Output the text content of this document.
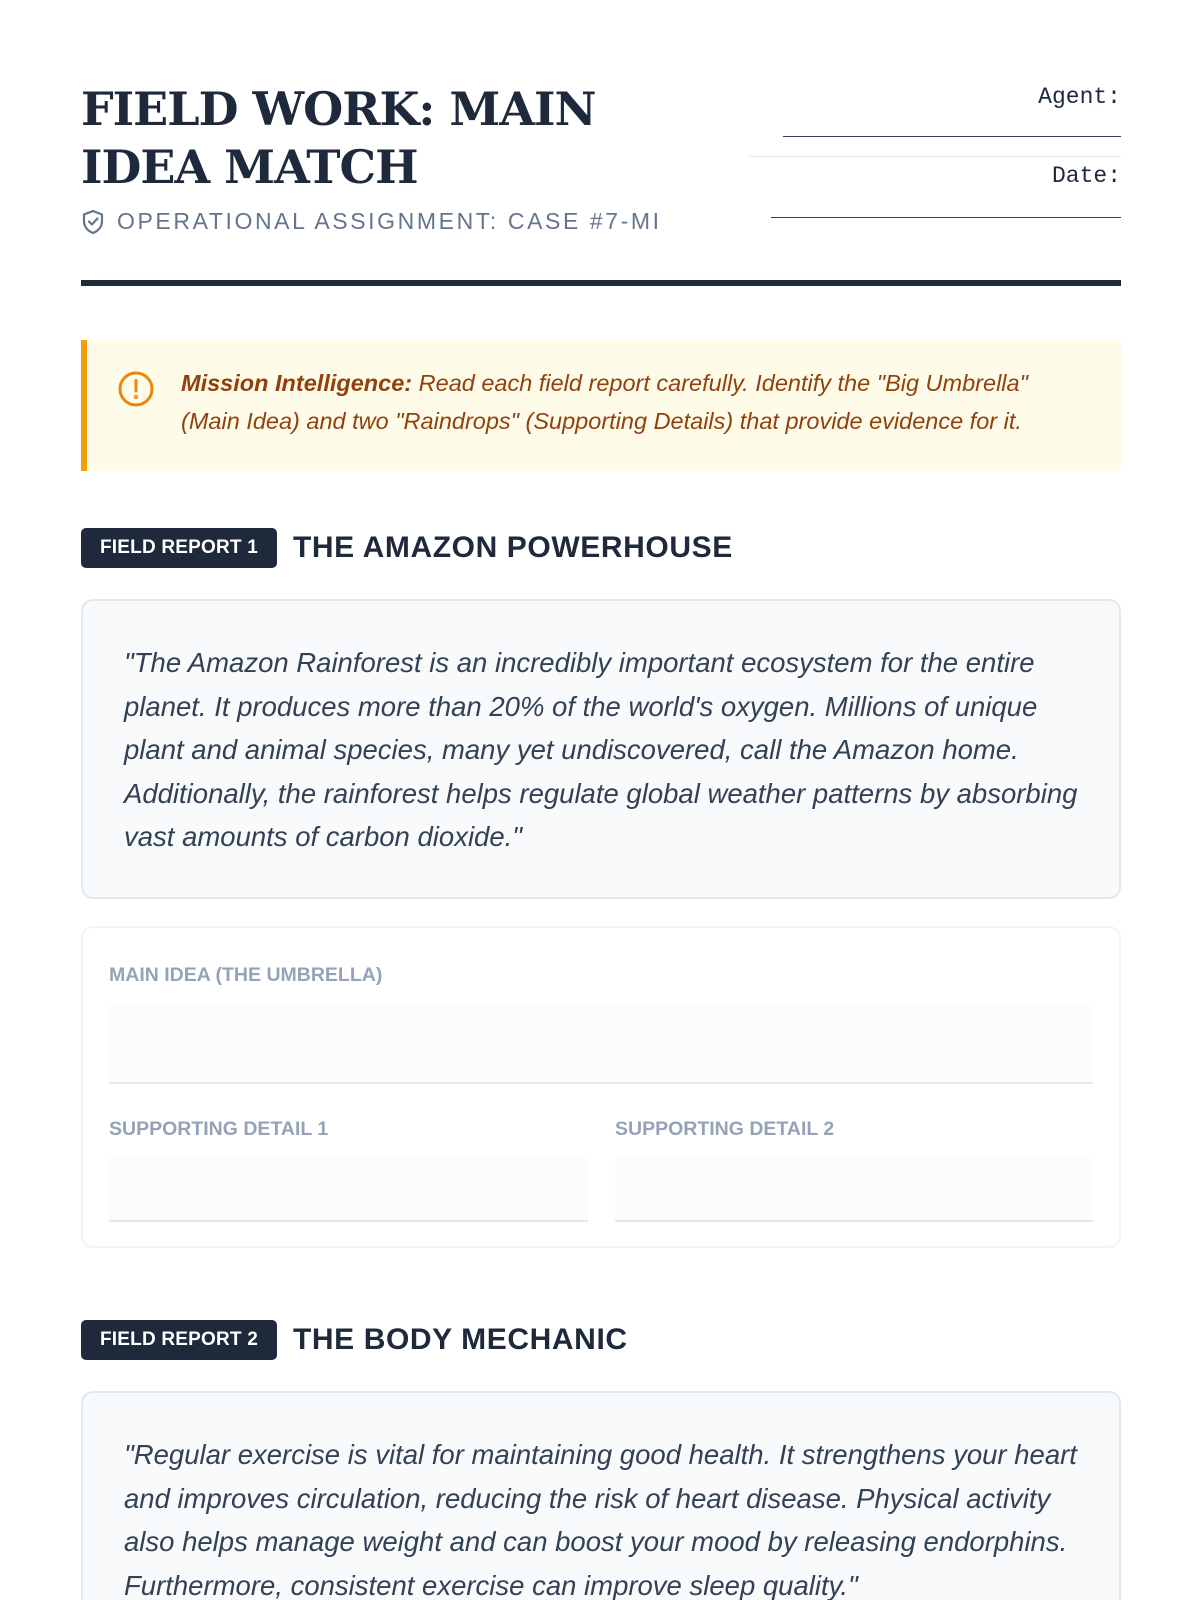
FIELD WORK: MAIN IDEA MATCH
OPERATIONAL ASSIGNMENT: CASE #7-MI
Agent:
Date:
Mission Intelligence: Read each field report carefully. Identify the "Big Umbrella" (Main Idea) and two "Raindrops" (Supporting Details) that provide evidence for it.
FIELD REPORT 1	THE AMAZON POWERHOUSE

"The Amazon Rainforest is an incredibly important ecosystem for the entire planet. It produces more than 20% of the world's oxygen. Millions of unique plant and animal species, many yet undiscovered, call the Amazon home. Additionally, the rainforest helps regulate global weather patterns by absorbing vast amounts of carbon dioxide."

MAIN IDEA (THE UMBRELLA)
SUPPORTING DETAIL 1	SUPPORTING DETAIL 2
FIELD REPORT 2	THE BODY MECHANIC

"Regular exercise is vital for maintaining good health. It strengthens your heart and improves circulation, reducing the risk of heart disease. Physical activity also helps manage weight and can boost your mood by releasing endorphins. Furthermore, consistent exercise can improve sleep quality."
